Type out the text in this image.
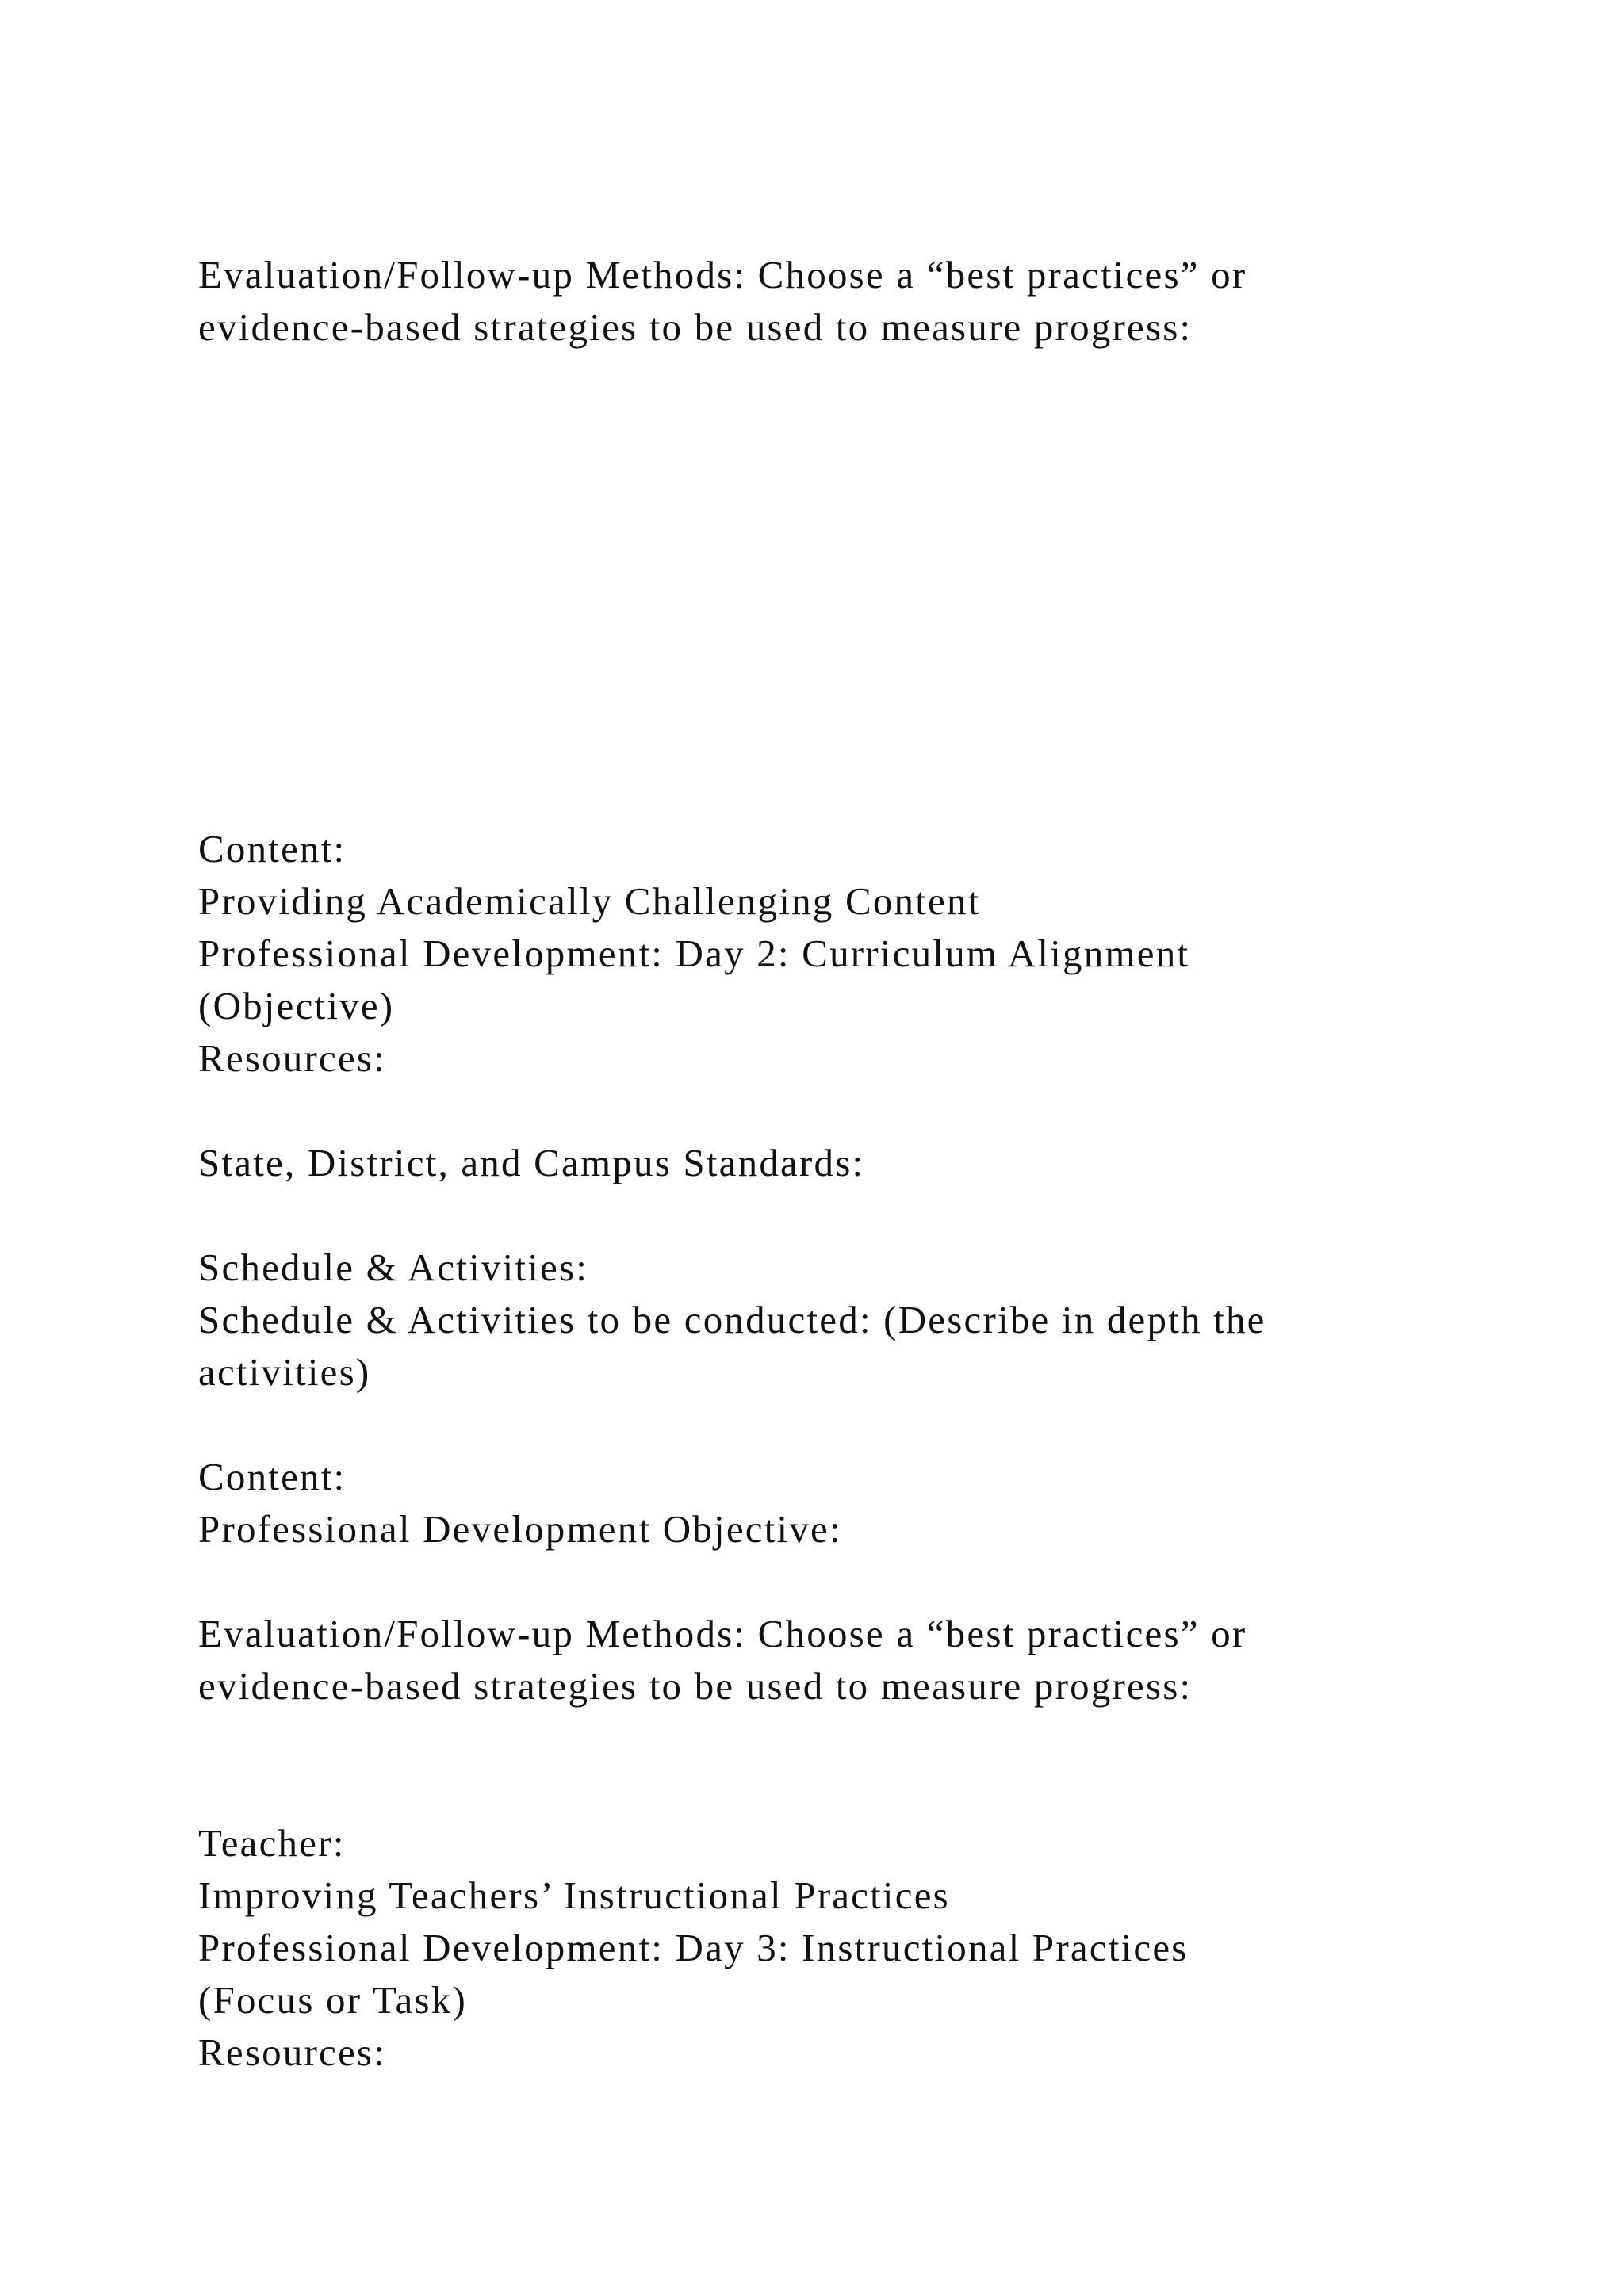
Evaluation/Follow-up Methods: Choose a “best practices” or

evidence-based strategies to be used to measure progress:

Content:

Providing Academically Challenging Content

Professional Development: Day 2: Curriculum Alignment

(Objective)

Resources:

State, District, and Campus Standards:

Schedule & Activities:

Schedule & Activities to be conducted: (Describe in depth the

activities)

Content:

Professional Development Objective:

Evaluation/Follow-up Methods: Choose a “best practices” or

evidence-based strategies to be used to measure progress:

Teacher:

Improving Teachers’ Instructional Practices

Professional Development: Day 3: Instructional Practices

(Focus or Task)

Resources:
